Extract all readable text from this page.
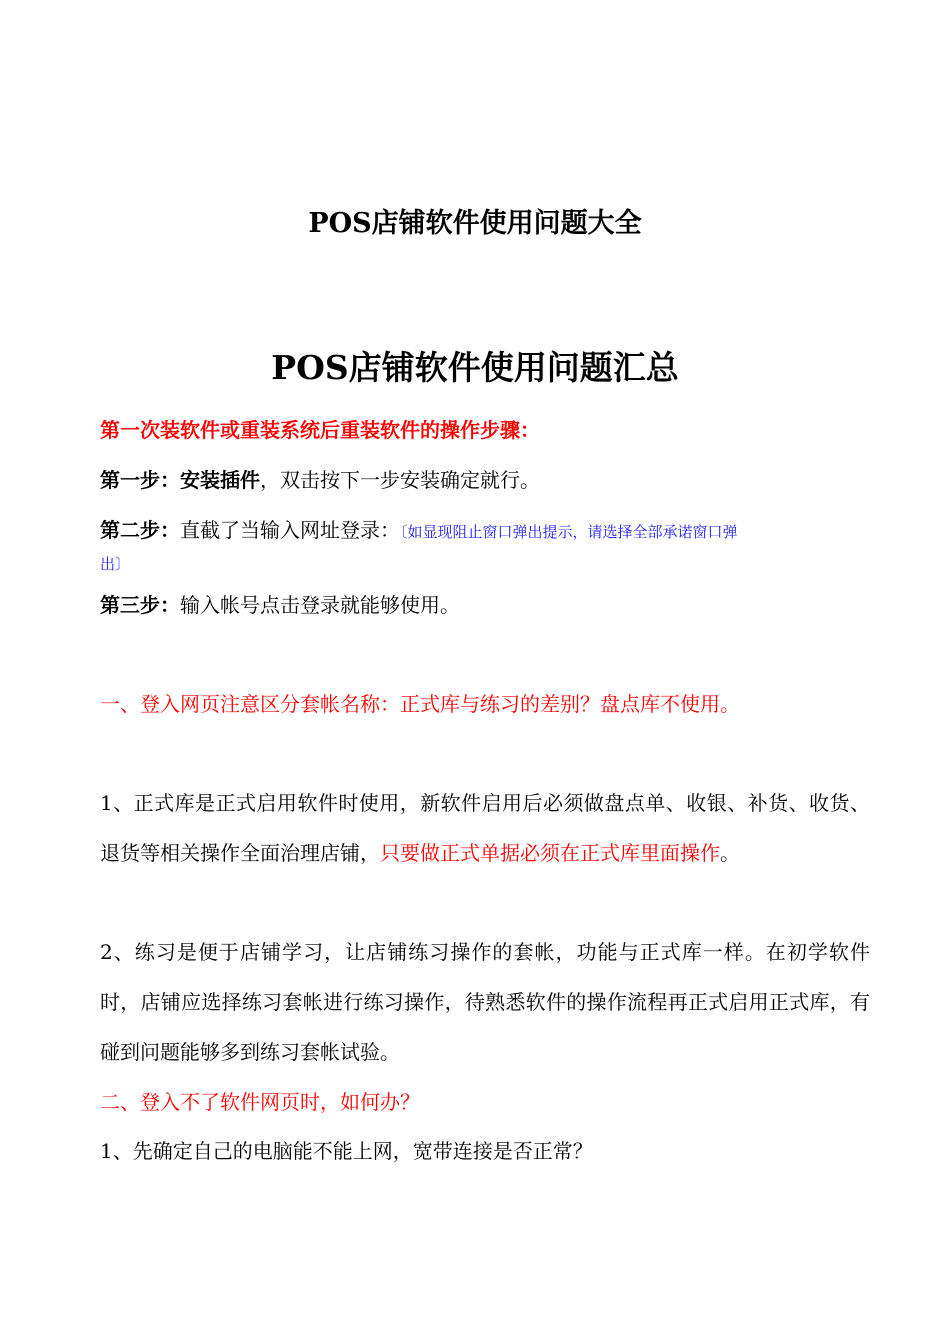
POS店铺软件使用问题大全
POS店铺软件使用问题汇总
第一次装软件或重装系统后重装软件的操作步骤：
第一步：安装插件，双击按下一步安装确定就行。
第二步：直截了当输入网址登录：〔如显现阻止窗口弹出提示，请选择全部承诺窗口弹
出〕
第三步：输入帐号点击登录就能够使用。
一、登入网页注意区分套帐名称：正式库与练习的差别？盘点库不使用。
1、正式库是正式启用软件时使用，新软件启用后必须做盘点单、收银、补货、收货、退货等相关操作全面治理店铺，只要做正式单据必须在正式库里面操作。
2、练习是便于店铺学习，让店铺练习操作的套帐，功能与正式库一样。在初学软件时，店铺应选择练习套帐进行练习操作，待熟悉软件的操作流程再正式启用正式库，有碰到问题能够多到练习套帐试验。
二、登入不了软件网页时，如何办？
1、先确定自己的电脑能不能上网，宽带连接是否正常？
